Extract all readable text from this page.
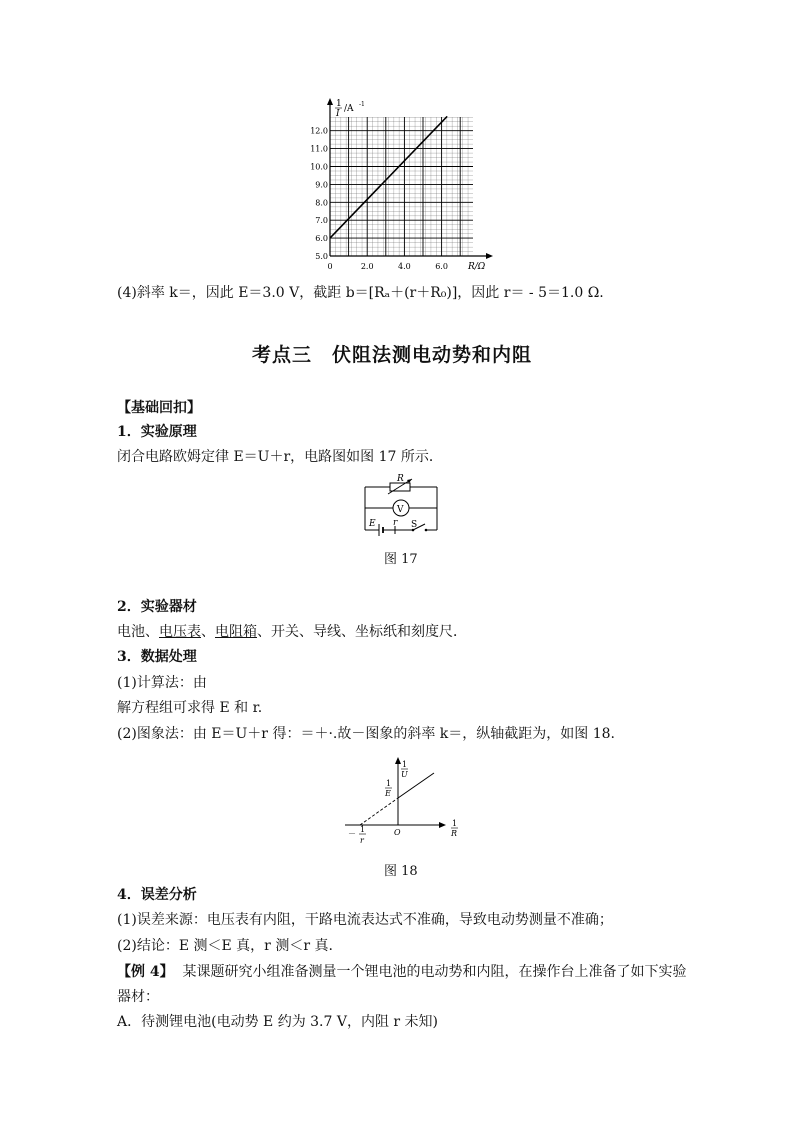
5.0
6.0
7.0
8.0
9.0
10.0
11.0
12.0
0	2.0	4.0	6.0
1
I /A -1
R/Ω
(4)斜率 k＝，因此 E＝3.0 V，截距 b＝[Rₐ＋(r＋R₀)]，因此 r＝ - 5＝1.0 Ω.
考点三　伏阻法测电动势和内阻
【基础回扣】
1．实验原理
闭合电路欧姆定律 E＝U＋r，电路图如图 17 所示．
R
V
E r S
图 17
2．实验器材
电池、电压表、电阻箱、开关、导线、坐标纸和刻度尺．
3．数据处理
(1)计算法：由
解方程组可求得 E 和 r.
(2)图象法：由 E＝U＋r 得：＝＋·.故－图象的斜率 k＝，纵轴截距为，如图 18.
1
U
1
E
1
R
O
－ 1
r
图 18
4．误差分析
(1)误差来源：电压表有内阻，干路电流表达式不准确，导致电动势测量不准确；
(2)结论：E 测＜E 真，r 测＜r 真.
【例 4】 某课题研究小组准备测量一个锂电池的电动势和内阻，在操作台上准备了如下实验
器材：
A．待测锂电池(电动势 E 约为 3.7 V，内阻 r 未知)
